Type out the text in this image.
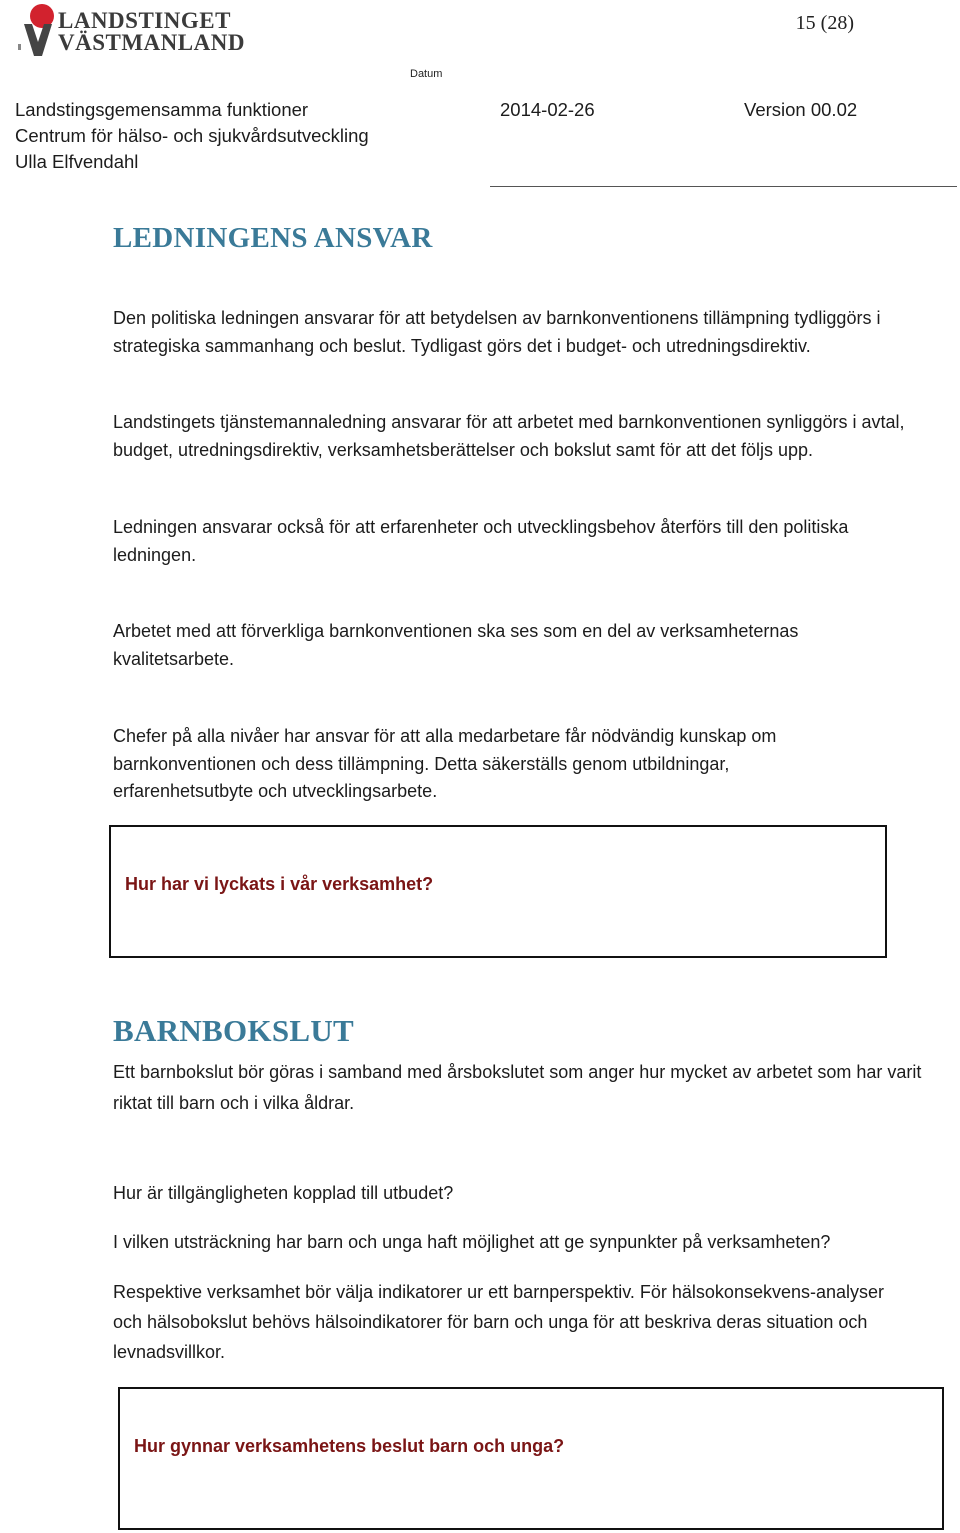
LANDSTINGET
VÄSTMANLAND
15 (28)
Datum
Landstingsgemensamma funktioner	2014-02-26	Version 00.02
Centrum för hälso- och sjukvårdsutveckling
Ulla Elfvendahl
LEDNINGENS ANSVAR

Den politiska ledningen ansvarar för att betydelsen av barnkonventionens tillämpning tydliggörs i strategiska sammanhang och beslut. Tydligast görs det i budget- och utredningsdirektiv.

Landstingets tjänstemannaledning ansvarar för att arbetet med barnkonventionen synliggörs i avtal, budget, utredningsdirektiv, verksamhetsberättelser och bokslut samt för att det följs upp.

Ledningen ansvarar också för att erfarenheter och utvecklingsbehov återförs till den politiska ledningen.

Arbetet med att förverkliga barnkonventionen ska ses som en del av verksamheternas kvalitetsarbete.

Chefer på alla nivåer har ansvar för att alla medarbetare får nödvändig kunskap om barnkonventionen och dess tillämpning. Detta säkerställs genom utbildningar, erfarenhetsutbyte och utvecklingsarbete.

Hur har vi lyckats i vår verksamhet?
BARNBOKSLUT

Ett barnbokslut bör göras i samband med årsbokslutet som anger hur mycket av arbetet som har varit riktat till barn och i vilka åldrar.

Hur är tillgängligheten kopplad till utbudet?

I vilken utsträckning har barn och unga haft möjlighet att ge synpunkter på verksamheten?

Respektive verksamhet bör välja indikatorer ur ett barnperspektiv. För hälsokonsekvens-analyser och hälsobokslut behövs hälsoindikatorer för barn och unga för att beskriva deras situation och levnadsvillkor.

Hur gynnar verksamhetens beslut barn och unga?
